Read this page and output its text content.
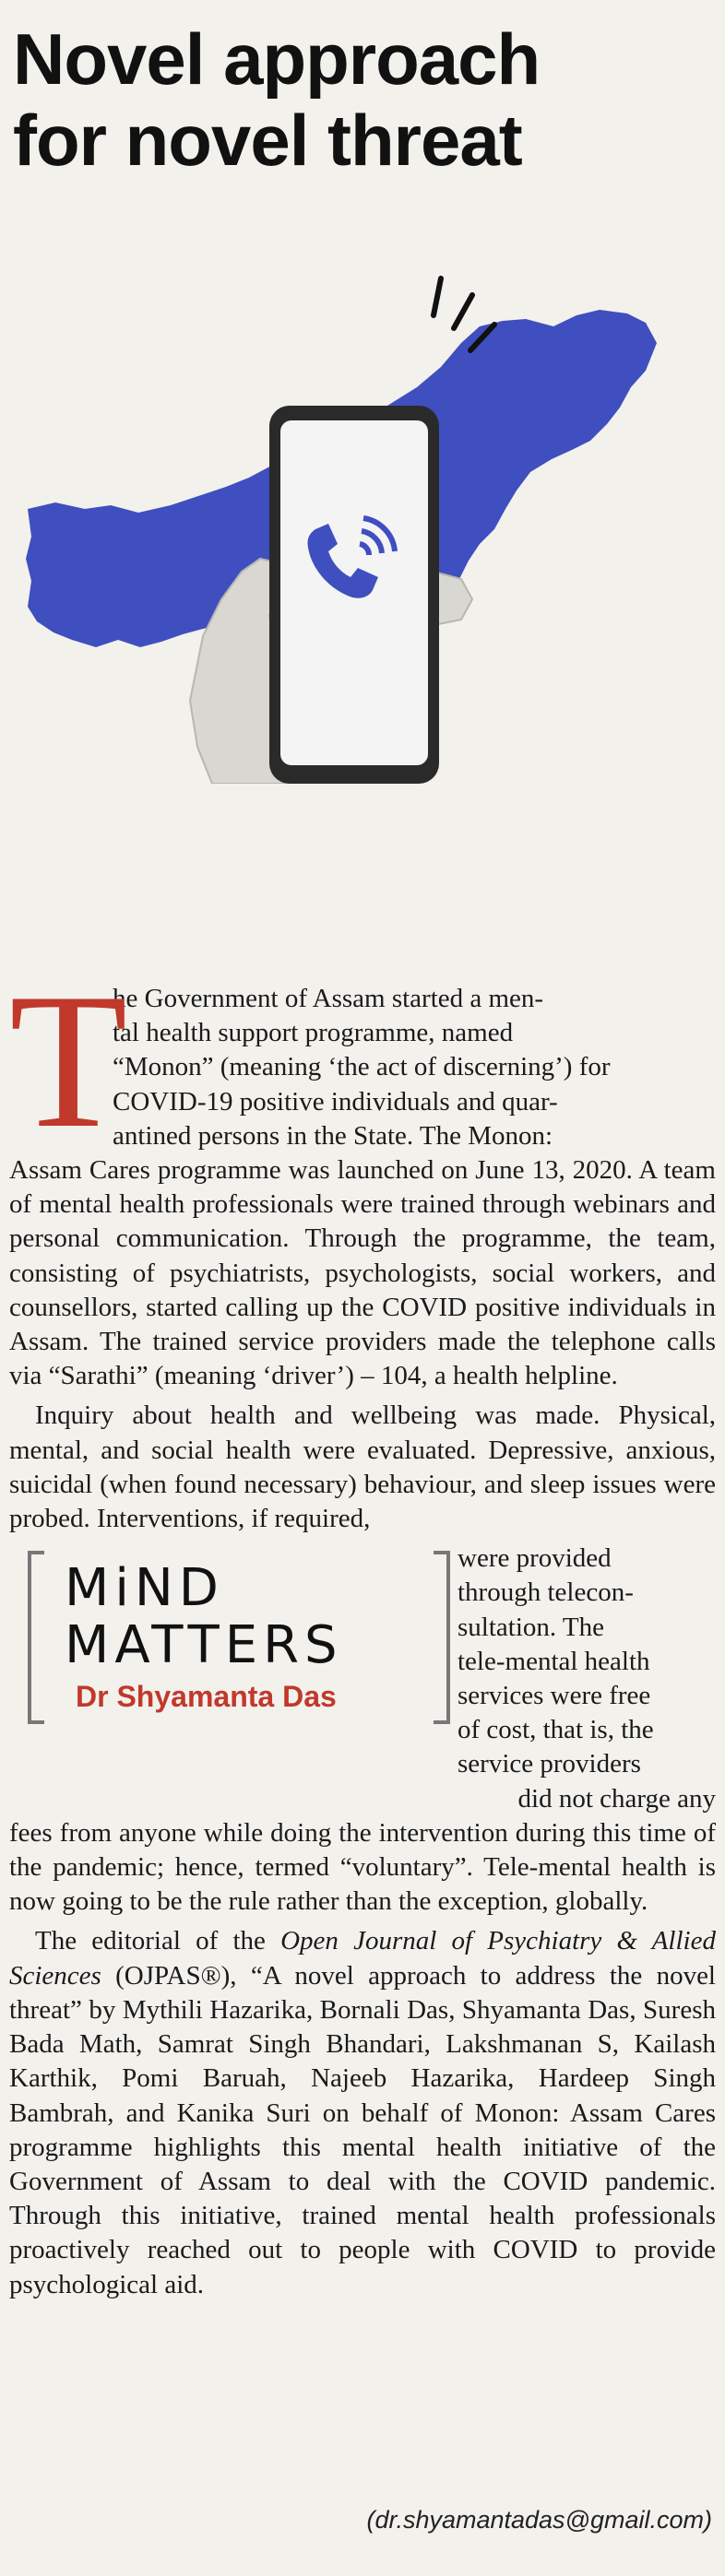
Novel approach
for novel threat
T
he Government of Assam started a men-
tal health support programme, named
“Monon” (meaning ‘the act of discerning’) for
COVID-19 positive individuals and quar-
antined persons in the State. The Monon:

Assam Cares programme was launched on June 13, 2020. A team of mental health professionals were trained through webinars and personal communication. Through the programme, the team, consisting of psychiatrists, psychologists, social workers, and counsellors, started calling up the COVID positive individuals in Assam. The trained service providers made the telephone calls via “Sarathi” (meaning ‘driver’) – 104, a health helpline.

Inquiry about health and wellbeing was made. Physical, mental, and social health were evaluated. Depressive, anxious, suicidal (when found necessary) behaviour, and sleep issues were probed. Interventions, if required,

MiND
MATTERS
Dr Shyamanta Das
were provided
through telecon-
sultation. The
tele-mental health
services were free
of cost, that is, the
service providers
did not charge any

fees from anyone while doing the intervention during this time of the pandemic; hence, termed “voluntary”. Tele-mental health is now going to be the rule rather than the exception, globally.

The editorial of the Open Journal of Psychiatry & Allied Sciences (OJPAS®), “A novel approach to address the novel threat” by Mythili Hazarika, Bornali Das, Shyamanta Das, Suresh Bada Math, Samrat Singh Bhandari, Lakshmanan S, Kailash Karthik, Pomi Baruah, Najeeb Hazarika, Hardeep Singh Bambrah, and Kanika Suri on behalf of Monon: Assam Cares programme highlights this mental health initiative of the Government of Assam to deal with the COVID pandemic. Through this initiative, trained mental health professionals proactively reached out to people with COVID to provide psychological aid.

(dr.shyamantadas@gmail.com)
